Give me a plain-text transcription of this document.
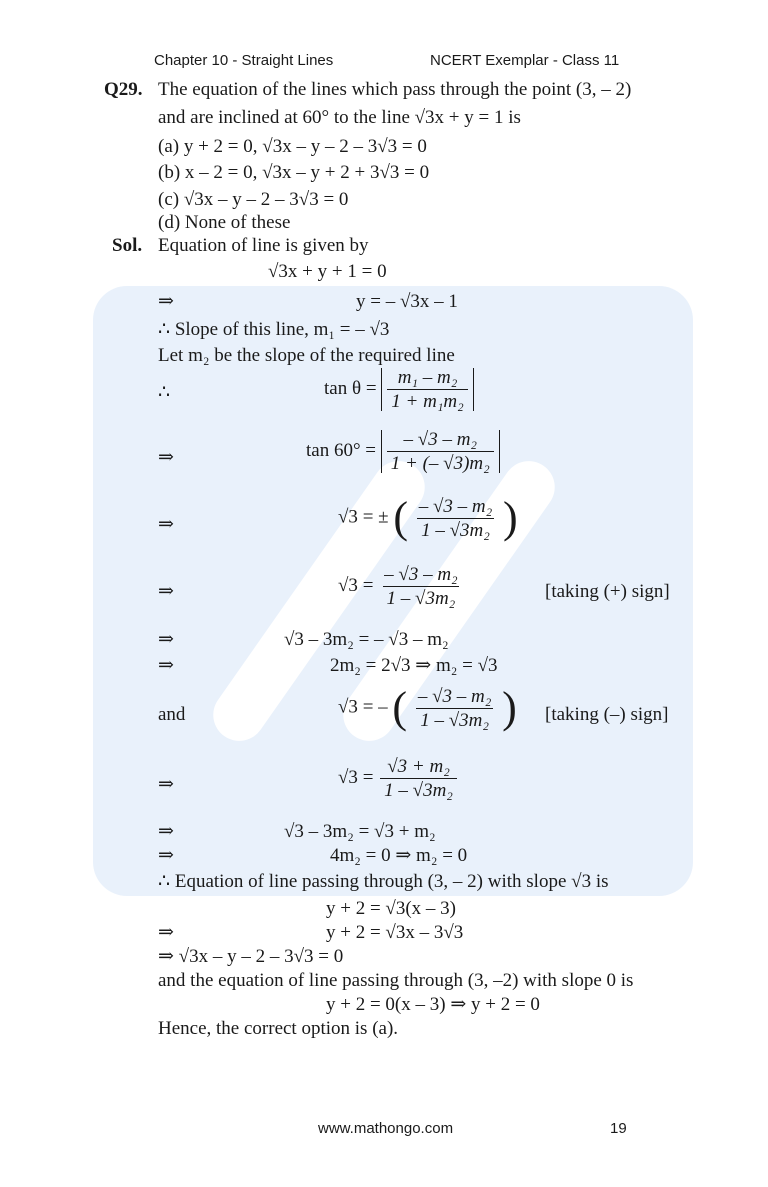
Chapter 10 - Straight Lines	NCERT Exemplar - Class 11
Q29. The equation of the lines which pass through the point (3, – 2)
and are inclined at 60° to the line √3x + y = 1 is
(a) y + 2 = 0, √3x – y – 2 – 3√3 = 0
(b) x – 2 = 0, √3x – y + 2 + 3√3 = 0
(c) √3x – y – 2 – 3√3 = 0
(d) None of these
Sol. Equation of line is given by
√3x + y + 1 = 0
⇒	y = – √3x – 1
∴ Slope of this line, m₁ = – √3
Let m₂ be the slope of the required line
∴	$\tan \theta = \frac{\text{m₁ – m₂}}{\text{1 + m₁m₂}}$
⇒	$\tan 60^\circ = \frac{\text{– √3 – m₂}}{\text{1 + (– √3)m₂}}$
⇒	√3 = ± ( $\frac{\text{– √3 – m₂}}{\text{1 – √3m₂}}$ )
⇒	$√3 = \frac{\text{– √3 – m₂}}{\text{1 – √3m₂}}$	[taking (+) sign]
⇒	√3 – 3m₂ = – √3 – m₂
⇒	2m₂ = 2√3 ⇒ m₂ = √3
and	√3 = – ( $\frac{\text{– √3 – m₂}}{\text{1 – √3m₂}}$ ) [taking (–) sign]
⇒	$√3 = \frac{\text{√3 + m₂}}{\text{1 – √3m₂}}$
⇒	√3 – 3m₂ = √3 + m₂
⇒	4m₂ = 0 ⇒ m₂ = 0
∴ Equation of line passing through (3, – 2) with slope √3 is
y + 2 = √3(x – 3)
⇒	y + 2 = √3x – 3√3
⇒ √3x – y – 2 – 3√3 = 0
and the equation of line passing through (3, –2) with slope 0 is
y + 2 = 0(x – 3) ⇒ y + 2 = 0
Hence, the correct option is (a).
www.mathongo.com	19
